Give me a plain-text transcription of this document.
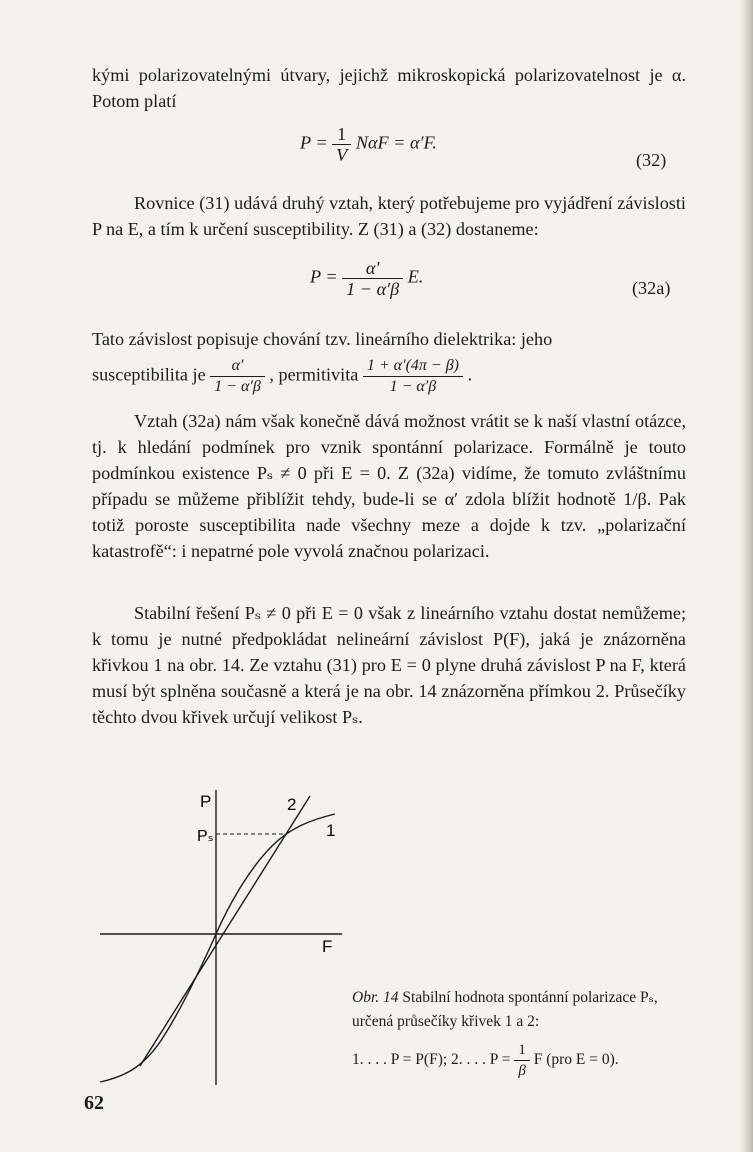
kými polarizovatelnými útvary, jejichž mikroskopická polarizovatelnost je α. Potom platí

$P = \frac{1}{V}$ NαF = α′F.
(32)

Rovnice (31) udává druhý vztah, který potřebujeme pro vyjádření závislosti P na E, a tím k určení susceptibility. Z (31) a (32) dostaneme:

$P = \frac{\alpha'}{1 - \alpha'\beta} E$.
(32a)

Tato závislost popisuje chování tzv. lineárního dielektrika: jeho

susceptibilita je $\frac{\alpha'}{1 - \alpha'\beta}$ , permitivita $\frac{1 + \alpha'(4\pi - \beta)}{1 - \alpha'\beta}$ .

Vztah (32a) nám však konečně dává možnost vrátit se k naší vlastní otázce, tj. k hledání podmínek pro vznik spontánní polarizace. Formálně je touto podmínkou existence Pₛ ≠ 0 při E = 0. Z (32a) vidíme, že tomuto zvláštnímu případu se můžeme přiblížit tehdy, bude-li se α′ zdola blížit hodnotě 1/β. Pak totiž poroste susceptibilita nade všechny meze a dojde k tzv. „polarizační katastrofě“: i nepatrné pole vyvolá značnou polarizaci.

Stabilní řešení Pₛ ≠ 0 při E = 0 však z lineárního vztahu dostat nemůžeme; k tomu je nutné předpokládat nelineární závislost P(F), jaká je znázorněna křivkou 1 na obr. 14. Ze vztahu (31) pro E = 0 plyne druhá závislost P na F, která musí být splněna současně a která je na obr. 14 znázorněna přímkou 2. Průsečíky těchto dvou křivek určují velikost Pₛ.

P
Pₛ
F
1
2
Obr. 14 Stabilní hodnota spontánní polarizace Pₛ, určená průsečíky křivek 1 a 2:
1. . . . P = P(F); 2. . . . $P = \frac{1}{\beta}$ F (pro E = 0).
62
